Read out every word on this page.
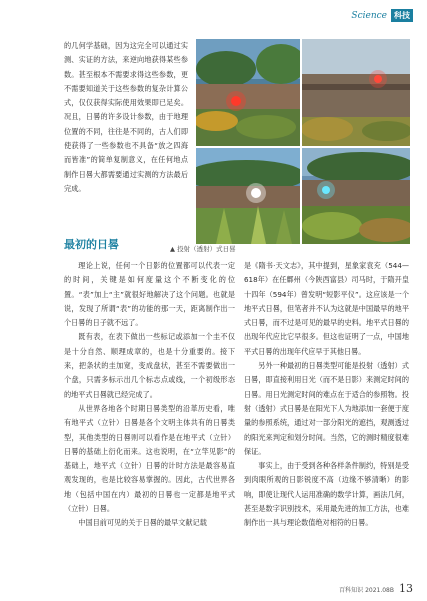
Science 科技

的几何学基础，因为这完全可以通过实测、实证的方法，来逆向地获得某些参数。甚至根本不需要求得这些参数，更不需要知道关于这些参数的复杂计算公式，仅仅获得实际使用效果即已足矣。况且，日晷的许多设计参数，由于地理位置的不同，往往是不同的，古人们即使获得了一些参数也不具备“放之四海而皆准”的简单复制意义，在任何地点制作日晷大都需要通过实测的方法最后完成。

最初的日晷	▲ 投射（透射）式日晷

理论上说，任何一个日影的位置都可以代表一定的时间，关键是如何度量这个不断变化的位置。“表”加上“主”就很好地解决了这个问题。也就是说，发现了所谓“表”的功能的那一天，距离制作出一个日晷的日子就不远了。

既有表，在表下做出一些标记或添加一个圭不仅是十分自然、顺理成章的，也是十分重要的。接下来，把条状的圭加宽，变成盘状，甚至不需要做出一个盘，只需多标示出几个标志点或线，一个初级形态的地平式日晷就已经完成了。

从世界各地各个时期日晷类型的沿革历史看，唯有地平式（立针）日晷是各个文明主体共有的日晷类型，其他类型的日晷则可以看作是在地平式（立针）日晷的基础上衍化而来。这也说明，在“立竿见影”的基础上，地平式（立针）日晷的计时方法是最容易直观发现的，也是比较容易掌握的。因此，古代世界各地（包括中国在内）最初的日晷也一定都是地平式（立针）日晷。

中国目前可见的关于日晷的最早文献记载

是《隋书·天文志》，其中提到，星象家袁充（544—618年）在任鄜州（今陕西富县）司马时，于隋开皇十四年（594年）曾发明“短影平仪”。这应该是一个地平式日晷，但笔者并不认为这就是中国最早的地平式日晷，而不过是可见的最早的史料。地平式日晷的出现年代应比它早很多。但这也证明了一点，中国地平式日晷的出现年代应早于其他日晷。

另外一种最初的日晷类型可能是投射（透射）式日晷，即直接利用日光（而不是日影）来测定时间的日晷。用日光测定时间的难点在于适合的参照物。投射（透射）式日晷是在阳光下人为地添加一套便于度量的参照系统，通过对一部分阳光的遮挡，观测透过的阳光来判定和划分时间。当然，它的测时精度很难保证。

事实上，由于受到各种各样条件制约，特别是受到肉眼所观的日影锐度不高（边缘不够清晰）的影响，即使让现代人运用准确的数学计算，画法几何，甚至是数字识别技术，采用最先进的加工方法，也难制作出一具与理论数值绝对相符的日晷。

百科知识 2021.08B 13
